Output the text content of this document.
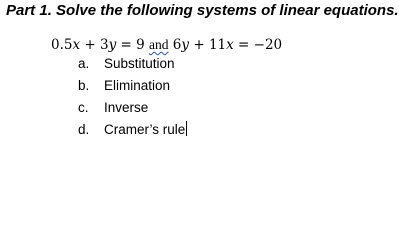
Part 1. Solve the following systems of linear equations.
0.5x + 3y = 9 and 6y + 11x = −20
a. Substitution
b. Elimination
c. Inverse
d. Cramer’s rule
